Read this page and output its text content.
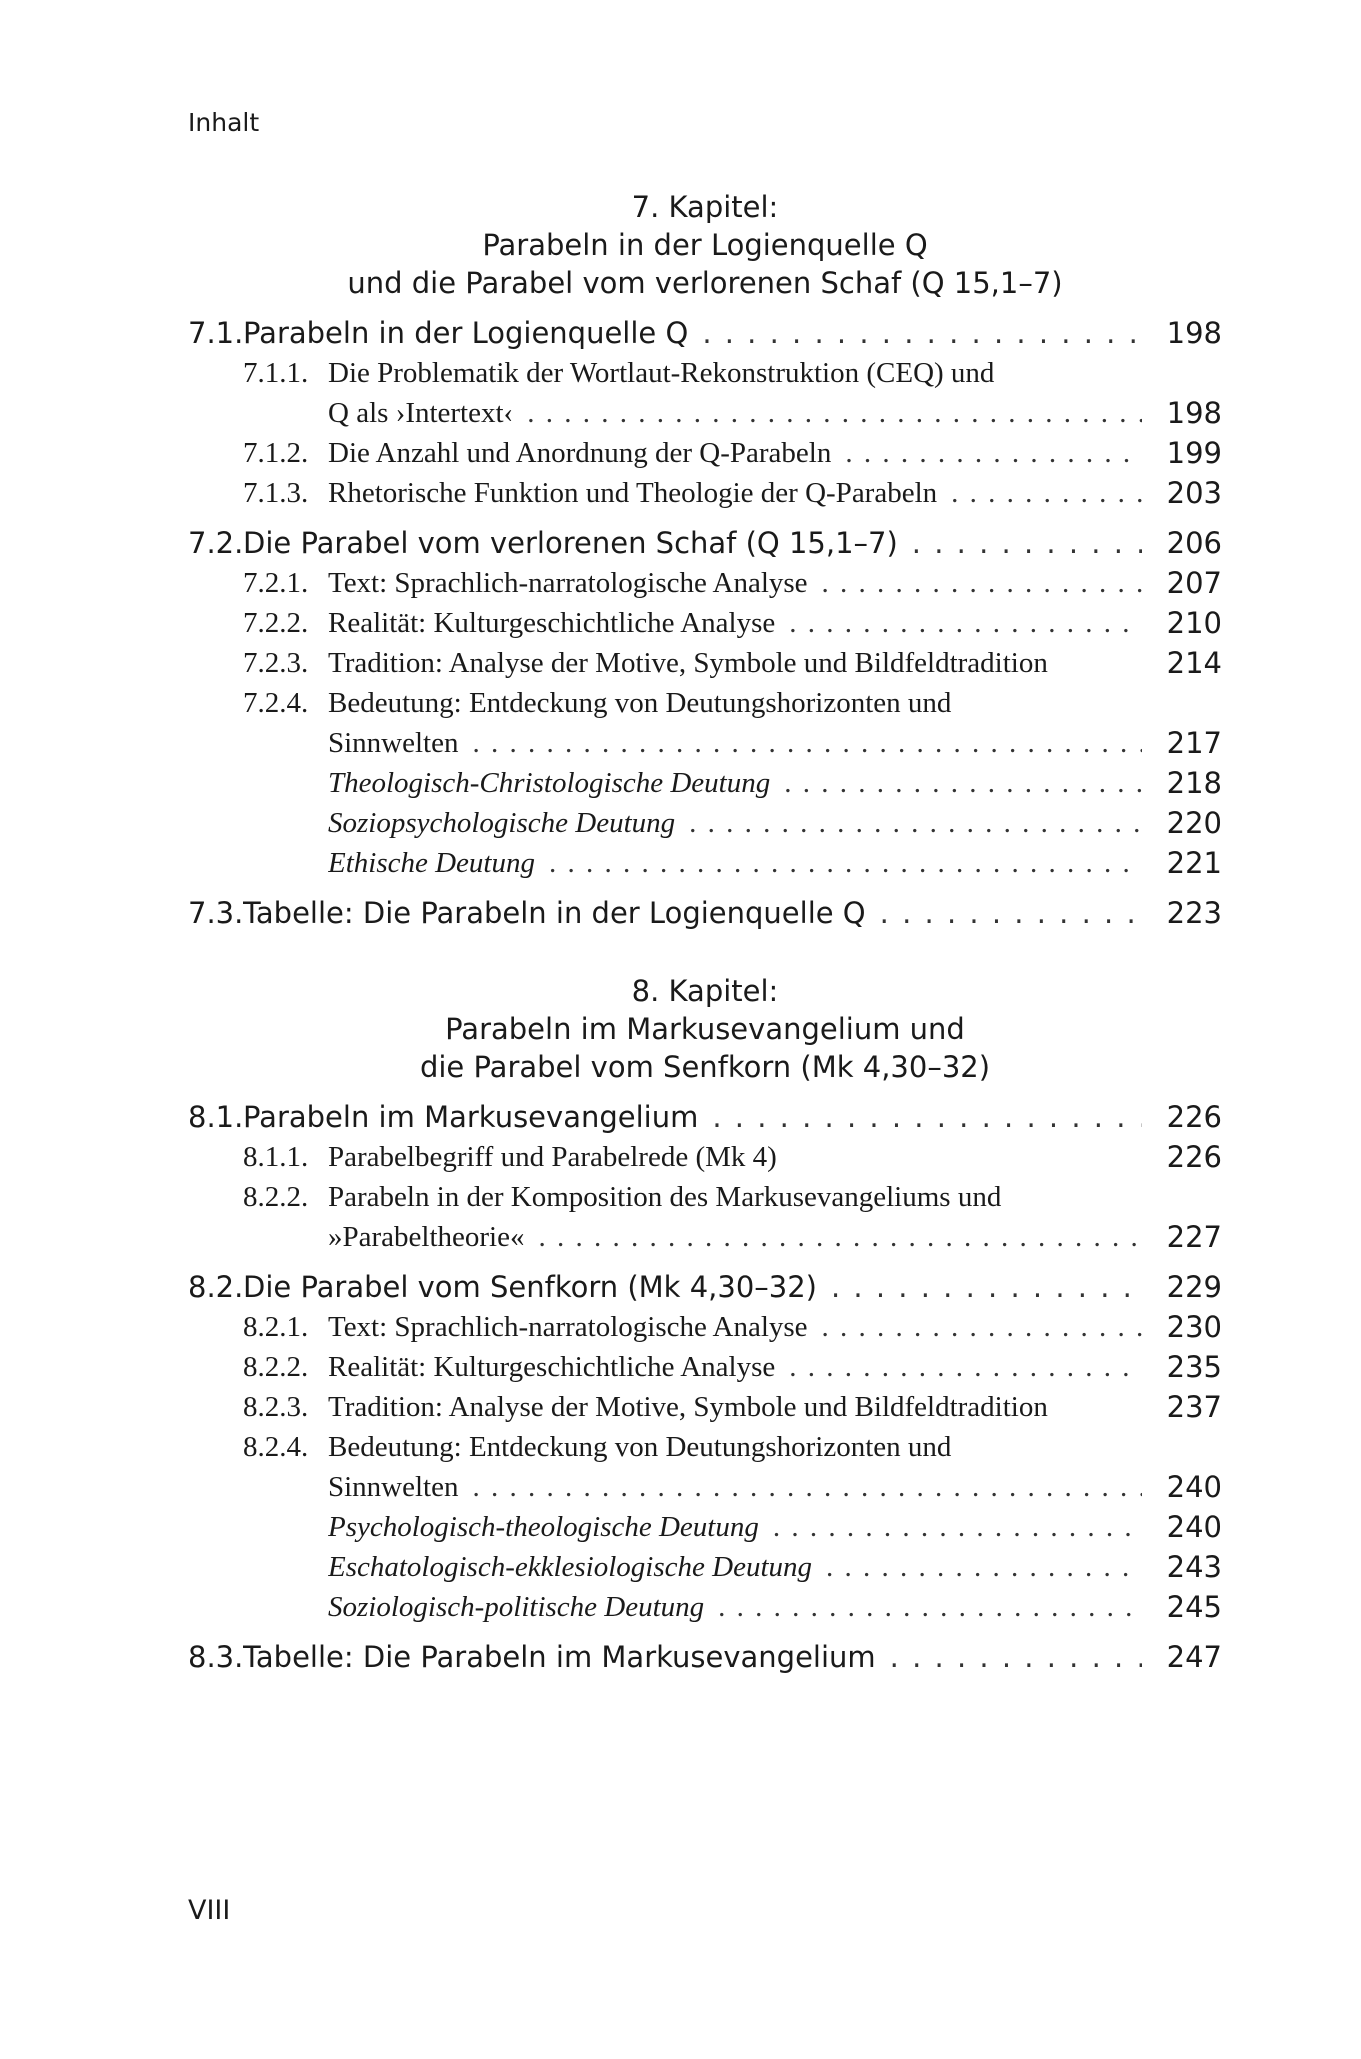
Inhalt
7. Kapitel:
Parabeln in der Logienquelle Q
und die Parabel vom verlorenen Schaf (Q 15,1–7)
7.1. Parabeln in der Logienquelle Q . . .	198
7.1.1. Die Problematik der Wortlaut-Rekonstruktion (CEQ) und
Q als ›Intertext‹ . . .	198
7.1.2. Die Anzahl und Anordnung der Q-Parabeln . . .	199
7.1.3. Rhetorische Funktion und Theologie der Q-Parabeln . . .	203
7.2. Die Parabel vom verlorenen Schaf (Q 15,1–7) . . .	206
7.2.1. Text: Sprachlich-narratologische Analyse . . .	207
7.2.2. Realität: Kulturgeschichtliche Analyse . . .	210
7.2.3. Tradition: Analyse der Motive, Symbole und Bildfeldtradition	214
7.2.4. Bedeutung: Entdeckung von Deutungshorizonten und
Sinnwelten . . .	217
Theologisch-Christologische Deutung . . .	218
Soziopsychologische Deutung . . .	220
Ethische Deutung . . .	221
7.3. Tabelle: Die Parabeln in der Logienquelle Q . . .	223
8. Kapitel:
Parabeln im Markusevangelium und
die Parabel vom Senfkorn (Mk 4,30–32)
8.1. Parabeln im Markusevangelium . . .	226
8.1.1. Parabelbegriff und Parabelrede (Mk 4)	226
8.2.2. Parabeln in der Komposition des Markusevangeliums und
»Parabeltheorie« . . .	227
8.2. Die Parabel vom Senfkorn (Mk 4,30–32) . . .	229
8.2.1. Text: Sprachlich-narratologische Analyse . . .	230
8.2.2. Realität: Kulturgeschichtliche Analyse . . .	235
8.2.3. Tradition: Analyse der Motive, Symbole und Bildfeldtradition	237
8.2.4. Bedeutung: Entdeckung von Deutungshorizonten und
Sinnwelten . . .	240
Psychologisch-theologische Deutung . . .	240
Eschatologisch-ekklesiologische Deutung . . .	243
Soziologisch-politische Deutung . . .	245
8.3. Tabelle: Die Parabeln im Markusevangelium . . .	247
VIII
